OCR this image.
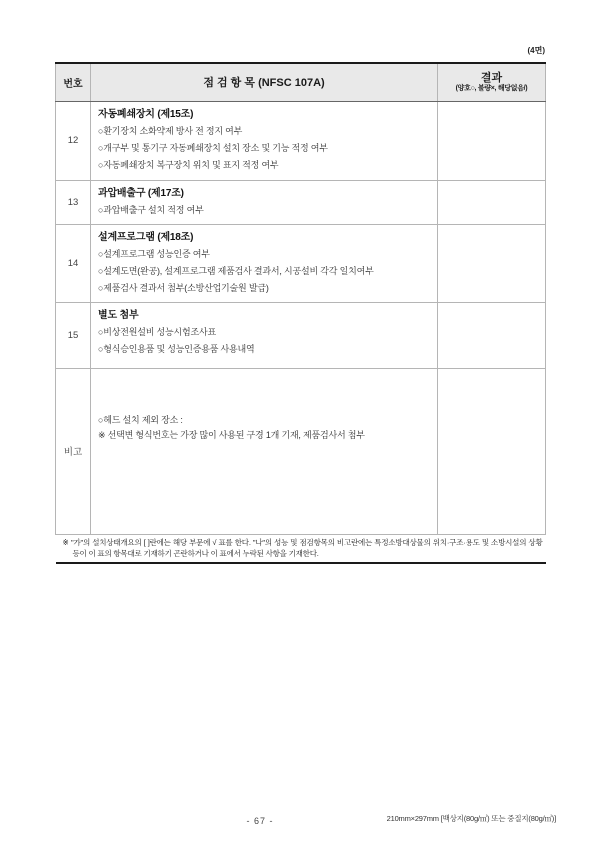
(4면)
번호	점 검 항 목 (NFSC 107A)	결과
(양호○, 불량×, 해당없음/)

12	자동폐쇄장치 (제15조)
○환기장치 소화약제 방사 전 정지 여부
○개구부 및 통기구 자동폐쇄장치 설치 장소 및 기능 적정 여부
○자동폐쇄장치 복구장치 위치 및 표지 적정 여부	

13	과압배출구 (제17조)
○과압배출구 설치 적정 여부	

14	설계프로그램 (제18조)
○설계프로그램 성능인증 여부
○설계도면(완공), 설계프로그램 제품검사 결과서, 시공설비 각각 일치여부
○제품검사 결과서 첨부(소방산업기술원 발급)	

15	별도 첨부
○비상전원설비 성능시험조사표
○형식승인용품 및 성능인증용품 사용내역	

비고	○헤드 설치 제외 장소 :
※ 선택변 형식번호는 가장 많이 사용된 구경 1개 기재, 제품검사서 첨부	

※ "가"의 설치상태개요의 [ ]란에는 해당 부문에 √ 표를 한다. "나"의 성능 및 점검항목의 비고란에는 특정소방대상물의 위치·구조·용도 및 소방시설의 상황 등이 이 표의 항목대로 기재하기 곤란하거나 이 표에서 누락된 사항을 기재한다.		
- 67 -	210mm×297mm [백상지(80g/㎡) 또는 중질지(80g/㎡)]
